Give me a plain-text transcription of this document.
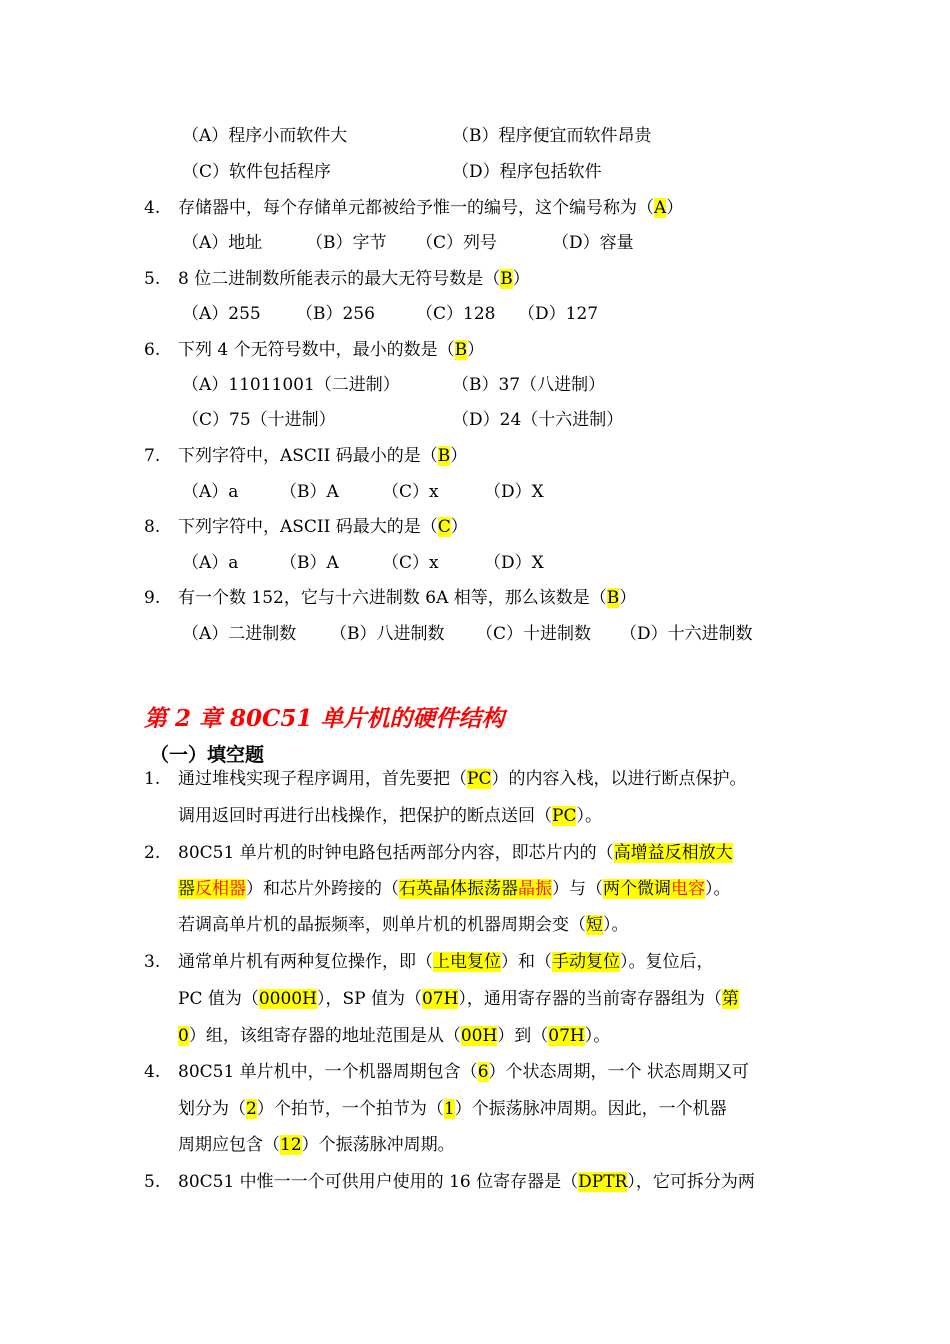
（A）程序小而软件大	（B）程序便宜而软件昂贵
（C）软件包括程序	（D）程序包括软件
4. 存储器中，每个存储单元都被给予惟一的编号，这个编号称为（A）
（A）地址	（B）字节 （C）列号	（D）容量
5. 8 位二进制数所能表示的最大无符号数是（B）
（A）255 （B）256 （C）128 （D）127
6. 下列 4 个无符号数中，最小的数是（B）
（A）11011001（二进制）	（B）37（八进制）
（C）75（十进制）	（D）24（十六进制）
7. 下列字符中，ASCII 码最小的是（B）
（A）a （B）A	（C）x	（D）X
8. 下列字符中，ASCII 码最大的是（C）
（A）a （B）A	（C）x	（D）X
9. 有一个数 152，它与十六进制数 6A 相等，那么该数是（B）
（A）二进制数 （B）八进制数 （C）十进制数 （D）十六进制数
第 2 章 80C51 单片机的硬件结构
（一）填空题
1. 通过堆栈实现子程序调用，首先要把（PC）的内容入栈，以进行断点保护。
调用返回时再进行出栈操作，把保护的断点送回（PC）。
2. 80C51 单片机的时钟电路包括两部分内容，即芯片内的（高增益反相放大
器反相器）和芯片外跨接的（石英晶体振荡器晶振）与（两个微调电容）。
若调高单片机的晶振频率，则单片机的机器周期会变（短）。
3. 通常单片机有两种复位操作，即（上电复位）和（手动复位）。复位后，
PC 值为（0000H），SP 值为（07H），通用寄存器的当前寄存器组为（第
0）组，该组寄存器的地址范围是从（00H）到（07H）。
4. 80C51 单片机中，一个机器周期包含（6）个状态周期，一个 状态周期又可
划分为（2）个拍节，一个拍节为（1）个振荡脉冲周期。因此，一个机器
周期应包含（12）个振荡脉冲周期。
5. 80C51 中惟一一个可供用户使用的 16 位寄存器是（DPTR），它可拆分为两
